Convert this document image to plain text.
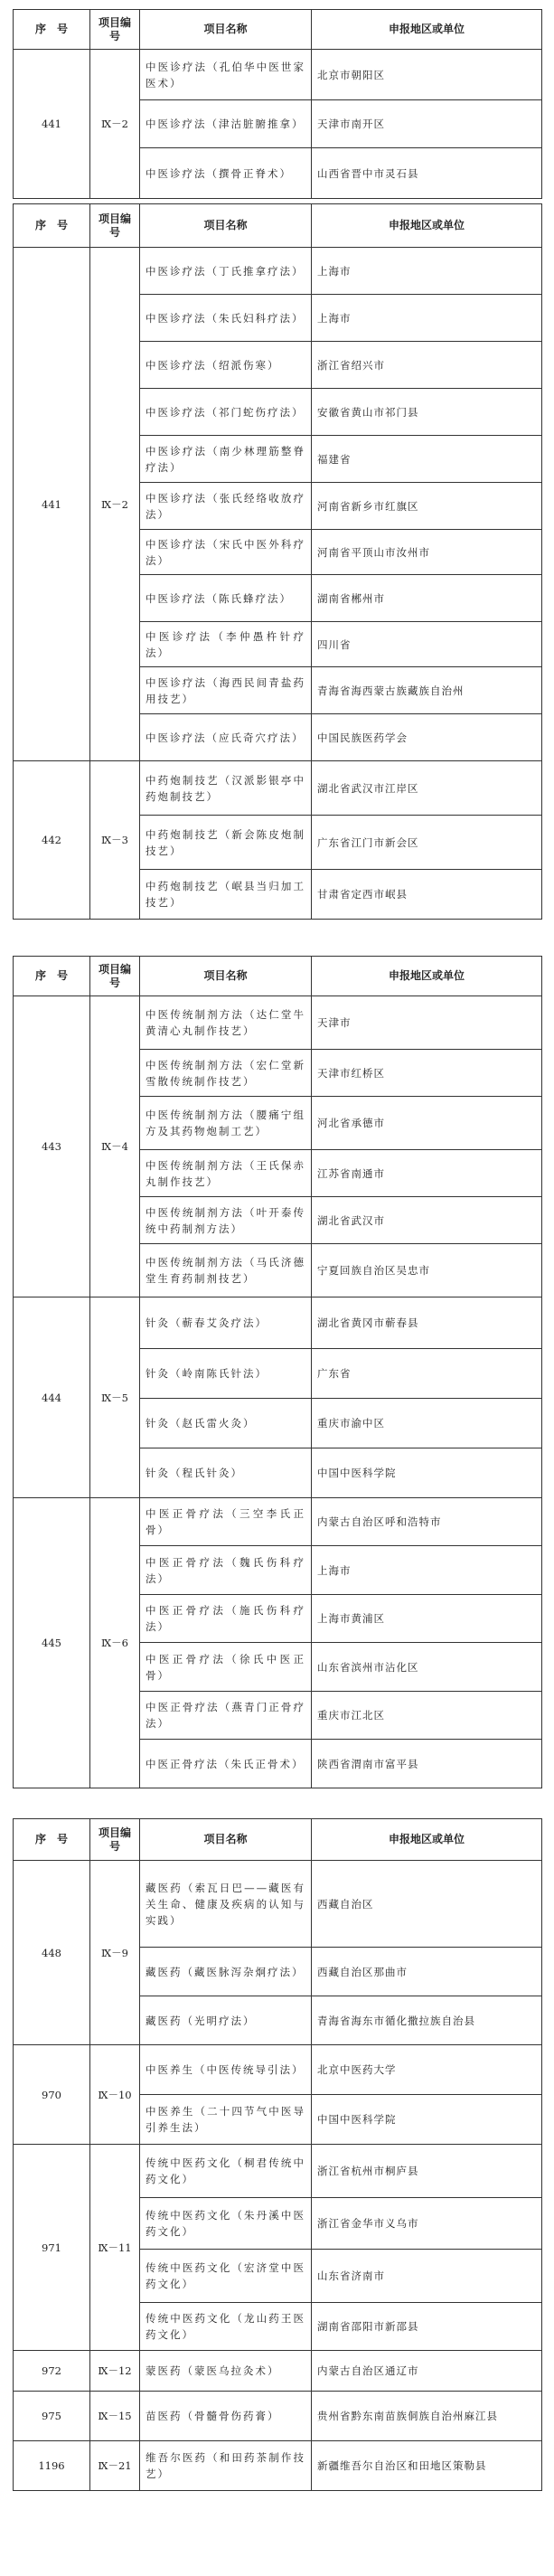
序　号	项目编号	项目名称	申报地区或单位
441	Ⅸ－2	中医诊疗法（孔伯华中医世家医术）	北京市朝阳区
		中医诊疗法（津沽脏腑推拿）	天津市南开区
		中医诊疗法（撰骨正脊术）	山西省晋中市灵石县
序　号	项目编号	项目名称	申报地区或单位
441	Ⅸ－2	中医诊疗法（丁氏推拿疗法）	上海市
		中医诊疗法（朱氏妇科疗法）	上海市
		中医诊疗法（绍派伤寒）	浙江省绍兴市
		中医诊疗法（祁门蛇伤疗法）	安徽省黄山市祁门县
		中医诊疗法（南少林理筋整脊疗法）	福建省
		中医诊疗法（张氏经络收放疗法）	河南省新乡市红旗区
		中医诊疗法（宋氏中医外科疗法）	河南省平顶山市汝州市
		中医诊疗法（陈氏蜂疗法）	湖南省郴州市
		中医诊疗法（李仲愚杵针疗法）	四川省
		中医诊疗法（海西民间青盐药用技艺）	青海省海西蒙古族藏族自治州
		中医诊疗法（应氏奇穴疗法）	中国民族医药学会
442	Ⅸ－3	中药炮制技艺（汉派影银亭中药炮制技艺）	湖北省武汉市江岸区
		中药炮制技艺（新会陈皮炮制技艺）	广东省江门市新会区
		中药炮制技艺（岷县当归加工技艺）	甘肃省定西市岷县
序　号	项目编号	项目名称	申报地区或单位
443	Ⅸ－4	中医传统制剂方法（达仁堂牛黄清心丸制作技艺）	天津市
		中医传统制剂方法（宏仁堂新雪散传统制作技艺）	天津市红桥区
		中医传统制剂方法（腰痛宁组方及其药物炮制工艺）	河北省承德市
		中医传统制剂方法（王氏保赤丸制作技艺）	江苏省南通市
		中医传统制剂方法（叶开泰传统中药制剂方法）	湖北省武汉市
		中医传统制剂方法（马氏济德堂生育药制剂技艺）	宁夏回族自治区吴忠市
444	Ⅸ－5	针灸（蕲春艾灸疗法）	湖北省黄冈市蕲春县
		针灸（岭南陈氏针法）	广东省
		针灸（赵氏雷火灸）	重庆市渝中区
		针灸（程氏针灸）	中国中医科学院
445	Ⅸ－6	中医正骨疗法（三空李氏正骨）	内蒙古自治区呼和浩特市
		中医正骨疗法（魏氏伤科疗法）	上海市
		中医正骨疗法（施氏伤科疗法）	上海市黄浦区
		中医正骨疗法（徐氏中医正骨）	山东省滨州市沾化区
		中医正骨疗法（燕青门正骨疗法）	重庆市江北区
		中医正骨疗法（朱氏正骨术）	陕西省渭南市富平县
序　号	项目编号	项目名称	申报地区或单位
448	Ⅸ－9	藏医药（索瓦日巴——藏医有关生命、健康及疾病的认知与实践）	西藏自治区
		藏医药（藏医脉泻杂炯疗法）	西藏自治区那曲市
		藏医药（光明疗法）	青海省海东市循化撒拉族自治县
970	Ⅸ－10	中医养生（中医传统导引法）	北京中医药大学
		中医养生（二十四节气中医导引养生法）	中国中医科学院
971	Ⅸ－11	传统中医药文化（桐君传统中药文化）	浙江省杭州市桐庐县
		传统中医药文化（朱丹溪中医药文化）	浙江省金华市义乌市
		传统中医药文化（宏济堂中医药文化）	山东省济南市
		传统中医药文化（龙山药王医药文化）	湖南省邵阳市新邵县
972	Ⅸ－12	蒙医药（蒙医乌拉灸术）	内蒙古自治区通辽市
975	Ⅸ－15	苗医药（骨髓骨伤药膏）	贵州省黔东南苗族侗族自治州麻江县
1196	Ⅸ－21	维吾尔医药（和田药茶制作技艺）	新疆维吾尔自治区和田地区策勒县
